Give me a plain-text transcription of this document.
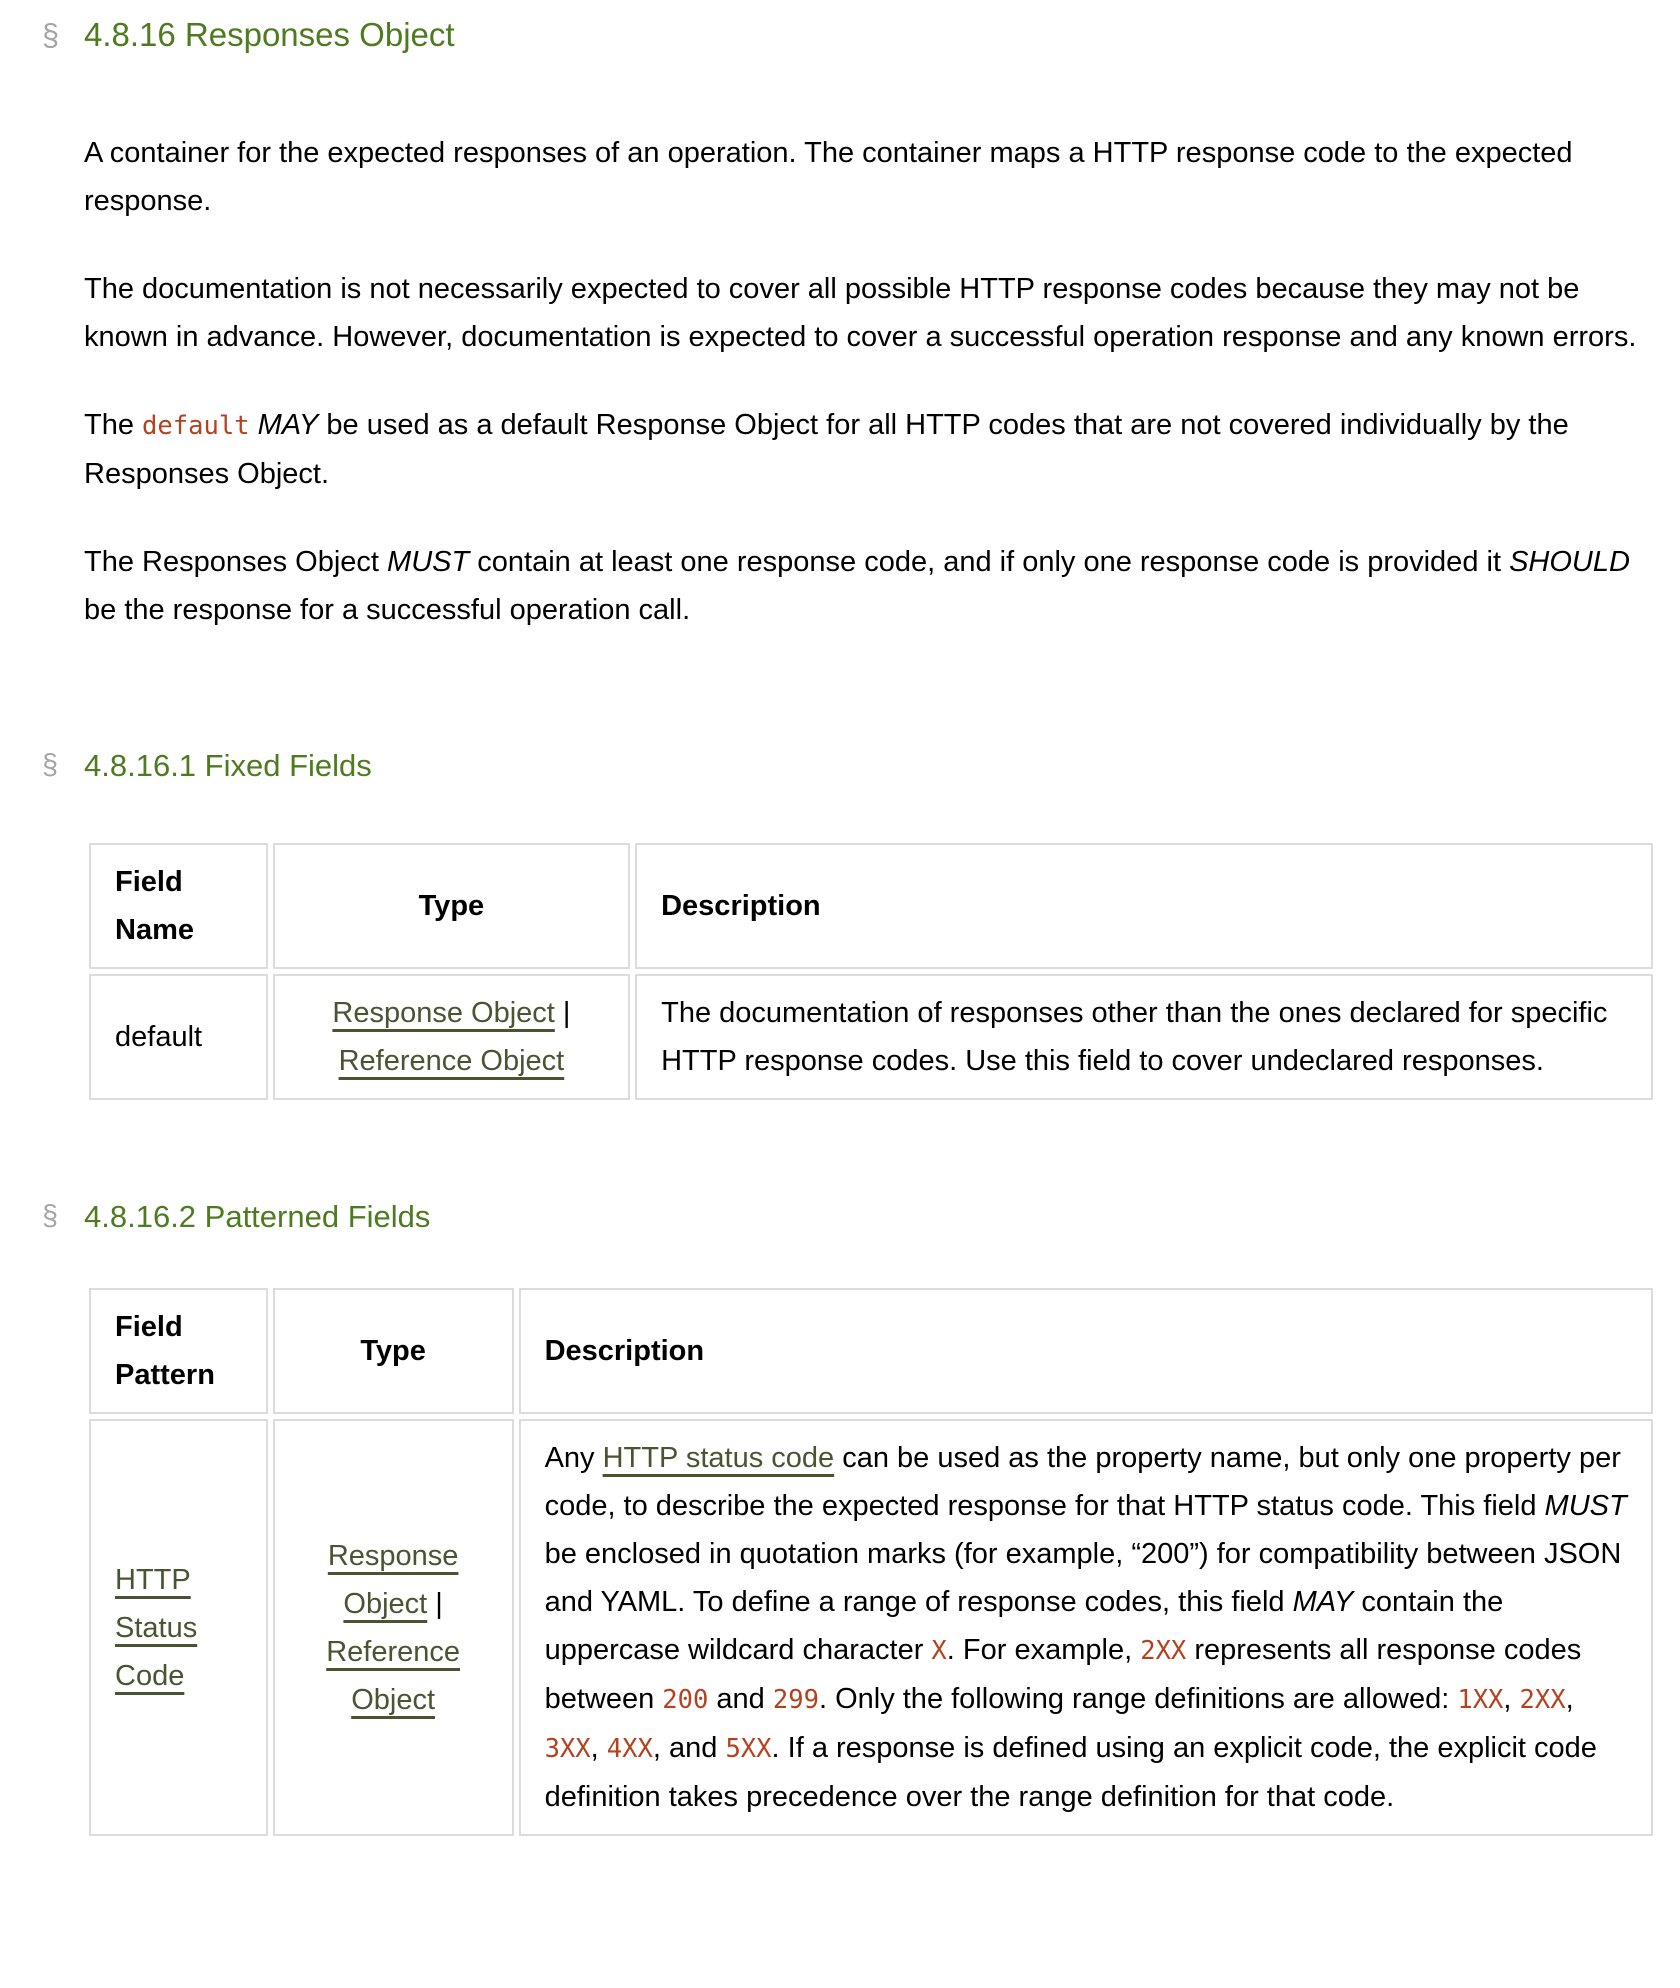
§ 4.8.16 Responses Object

A container for the expected responses of an operation. The container maps a HTTP response code to the expected response.

The documentation is not necessarily expected to cover all possible HTTP response codes because they may not be known in advance. However, documentation is expected to cover a successful operation response and any known errors.

The default MAY be used as a default Response Object for all HTTP codes that are not covered individually by the Responses Object.

The Responses Object MUST contain at least one response code, and if only one response code is provided it SHOULD be the response for a successful operation call.

§ 4.8.16.1 Fixed Fields
Field Name	Type	Description
default	Response Object | Reference Object	The documentation of responses other than the ones declared for specific HTTP response codes. Use this field to cover undeclared responses.
§ 4.8.16.2 Patterned Fields
Field Pattern	Type	Description
HTTP Status Code	Response Object | Reference Object	Any HTTP status code can be used as the property name, but only one property per code, to describe the expected response for that HTTP status code. This field MUST be enclosed in quotation marks (for example, “200”) for compatibility between JSON and YAML. To define a range of response codes, this field MAY contain the uppercase wildcard character X. For example, 2XX represents all response codes between 200 and 299. Only the following range definitions are allowed: 1XX, 2XX, 3XX, 4XX, and 5XX. If a response is defined using an explicit code, the explicit code definition takes precedence over the range definition for that code.
